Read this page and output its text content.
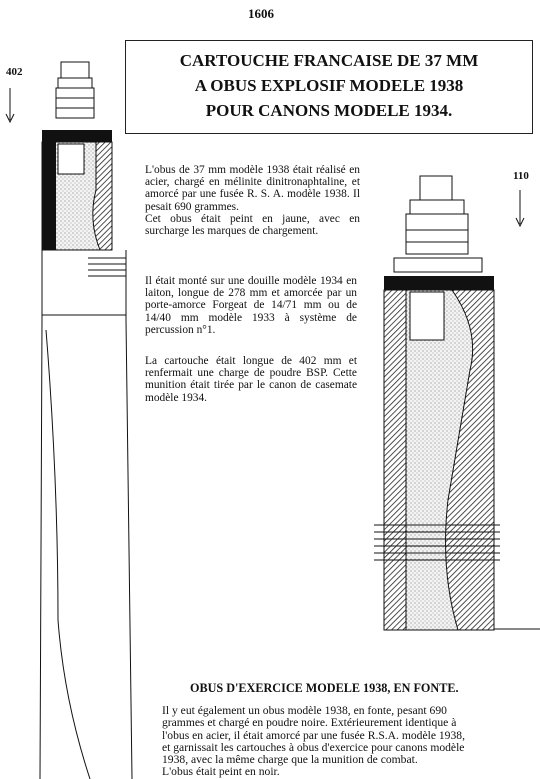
1606
CARTOUCHE FRANCAISE DE 37 MM
A OBUS EXPLOSIF MODELE 1938
POUR CANONS MODELE 1934.
402
L'obus de 37 mm modèle 1938 était réalisé en acier, chargé en mélinite dinitronaphtaline, et amorcé par une fusée R. S. A. modèle 1938. Il pesait 690 grammes.
Cet obus était peint en jaune, avec en surcharge les marques de chargement.
Il était monté sur une douille modèle 1934 en laiton, longue de 278 mm et amorcée par un porte-amorce Forgeat de 14/71 mm ou de 14/40 mm modèle 1933 à système de percussion n°1.
La cartouche était longue de 402 mm et renfermait une charge de poudre BSP. Cette munition était tirée par le canon de casemate modèle 1934.
110
OBUS D'EXERCICE MODELE 1938, EN FONTE.
Il y eut également un obus modèle 1938, en fonte, pesant 690
grammes et chargé en poudre noire. Extérieurement identique à
l'obus en acier, il était amorcé par une fusée R.S.A. modèle 1938,
et garnissait les cartouches à obus d'exercice pour canons modèle
1938, avec la même charge que la munition de combat.
L'obus était peint en noir.
